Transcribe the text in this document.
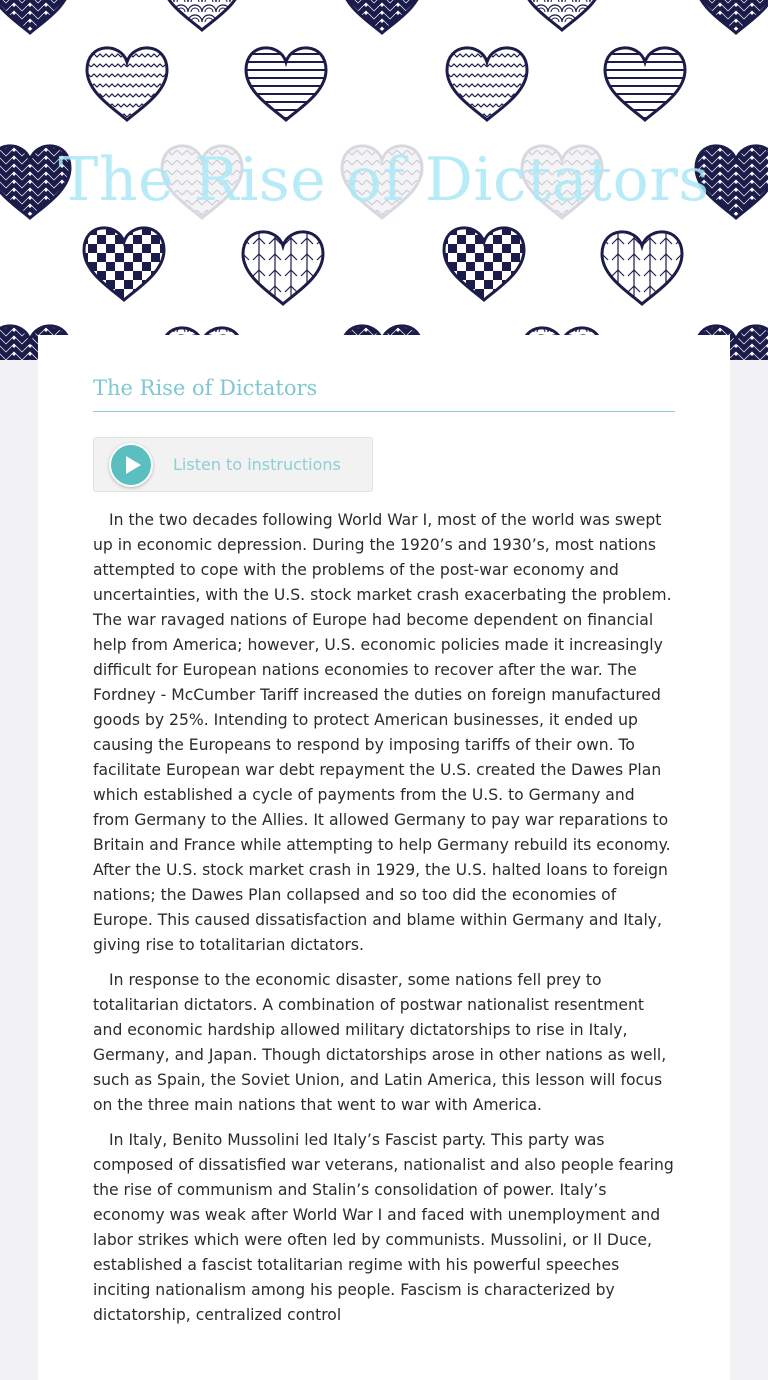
The Rise of Dictators
The Rise of Dictators
Listen to instructions

In the two decades following World War I, most of the world was swept up in economic depression. During the 1920’s and 1930’s, most nations attempted to cope with the problems of the post-war economy and uncertainties, with the U.S. stock market crash exacerbating the problem. The war ravaged nations of Europe had become dependent on financial help from America; however, U.S. economic policies made it increasingly difficult for European nations economies to recover after the war. The Fordney - McCumber Tariff increased the duties on foreign manufactured goods by 25%. Intending to protect American businesses, it ended up causing the Europeans to respond by imposing tariffs of their own. To facilitate European war debt repayment the U.S. created the Dawes Plan which established a cycle of payments from the U.S. to Germany and from Germany to the Allies. It allowed Germany to pay war reparations to Britain and France while attempting to help Germany rebuild its economy. After the U.S. stock market crash in 1929, the U.S. halted loans to foreign nations; the Dawes Plan collapsed and so too did the economies of Europe. This caused dissatisfaction and blame within Germany and Italy, giving rise to totalitarian dictators.

In response to the economic disaster, some nations fell prey to totalitarian dictators. A combination of postwar nationalist resentment and economic hardship allowed military dictatorships to rise in Italy, Germany, and Japan. Though dictatorships arose in other nations as well, such as Spain, the Soviet Union, and Latin America, this lesson will focus on the three main nations that went to war with America.

In Italy, Benito Mussolini led Italy’s Fascist party. This party was composed of dissatisfied war veterans, nationalist and also people fearing the rise of communism and Stalin’s consolidation of power. Italy’s economy was weak after World War I and faced with unemployment and labor strikes which were often led by communists. Mussolini, or Il Duce, established a fascist totalitarian regime with his powerful speeches inciting nationalism among his people. Fascism is characterized by dictatorship, centralized control
